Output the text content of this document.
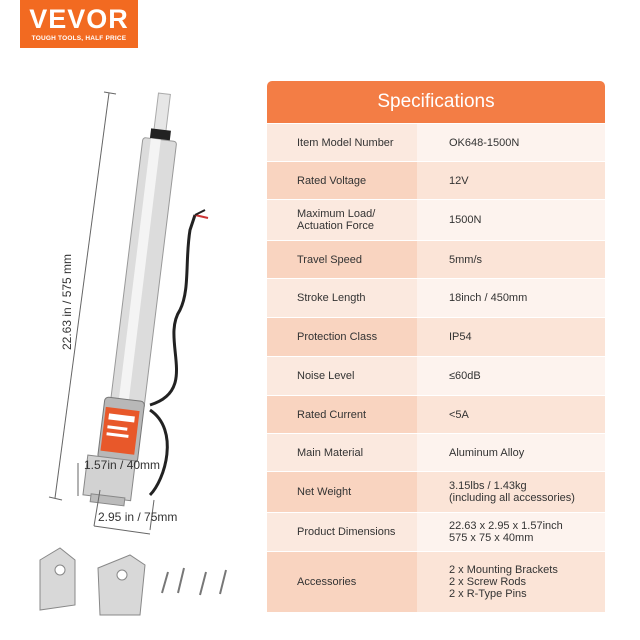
VEVOR
TOUGH TOOLS, HALF PRICE
22.63 in / 575 mm
1.57in / 40mm
2.95 in / 75mm
Specifications
Item Model Number	OK648-1500N
Rated Voltage	12V
Maximum Load/
Actuation Force	1500N
Travel Speed	5mm/s
Stroke Length	18inch / 450mm
Protection Class	IP54
Noise Level	≤60dB
Rated Current	<5A
Main Material	Aluminum Alloy
Net Weight	3.15lbs / 1.43kg
(including all accessories)
Product Dimensions	22.63 x 2.95 x 1.57inch
575 x 75 x 40mm
Accessories
2 x Mounting Brackets
2 x Screw Rods
2 x R-Type Pins
